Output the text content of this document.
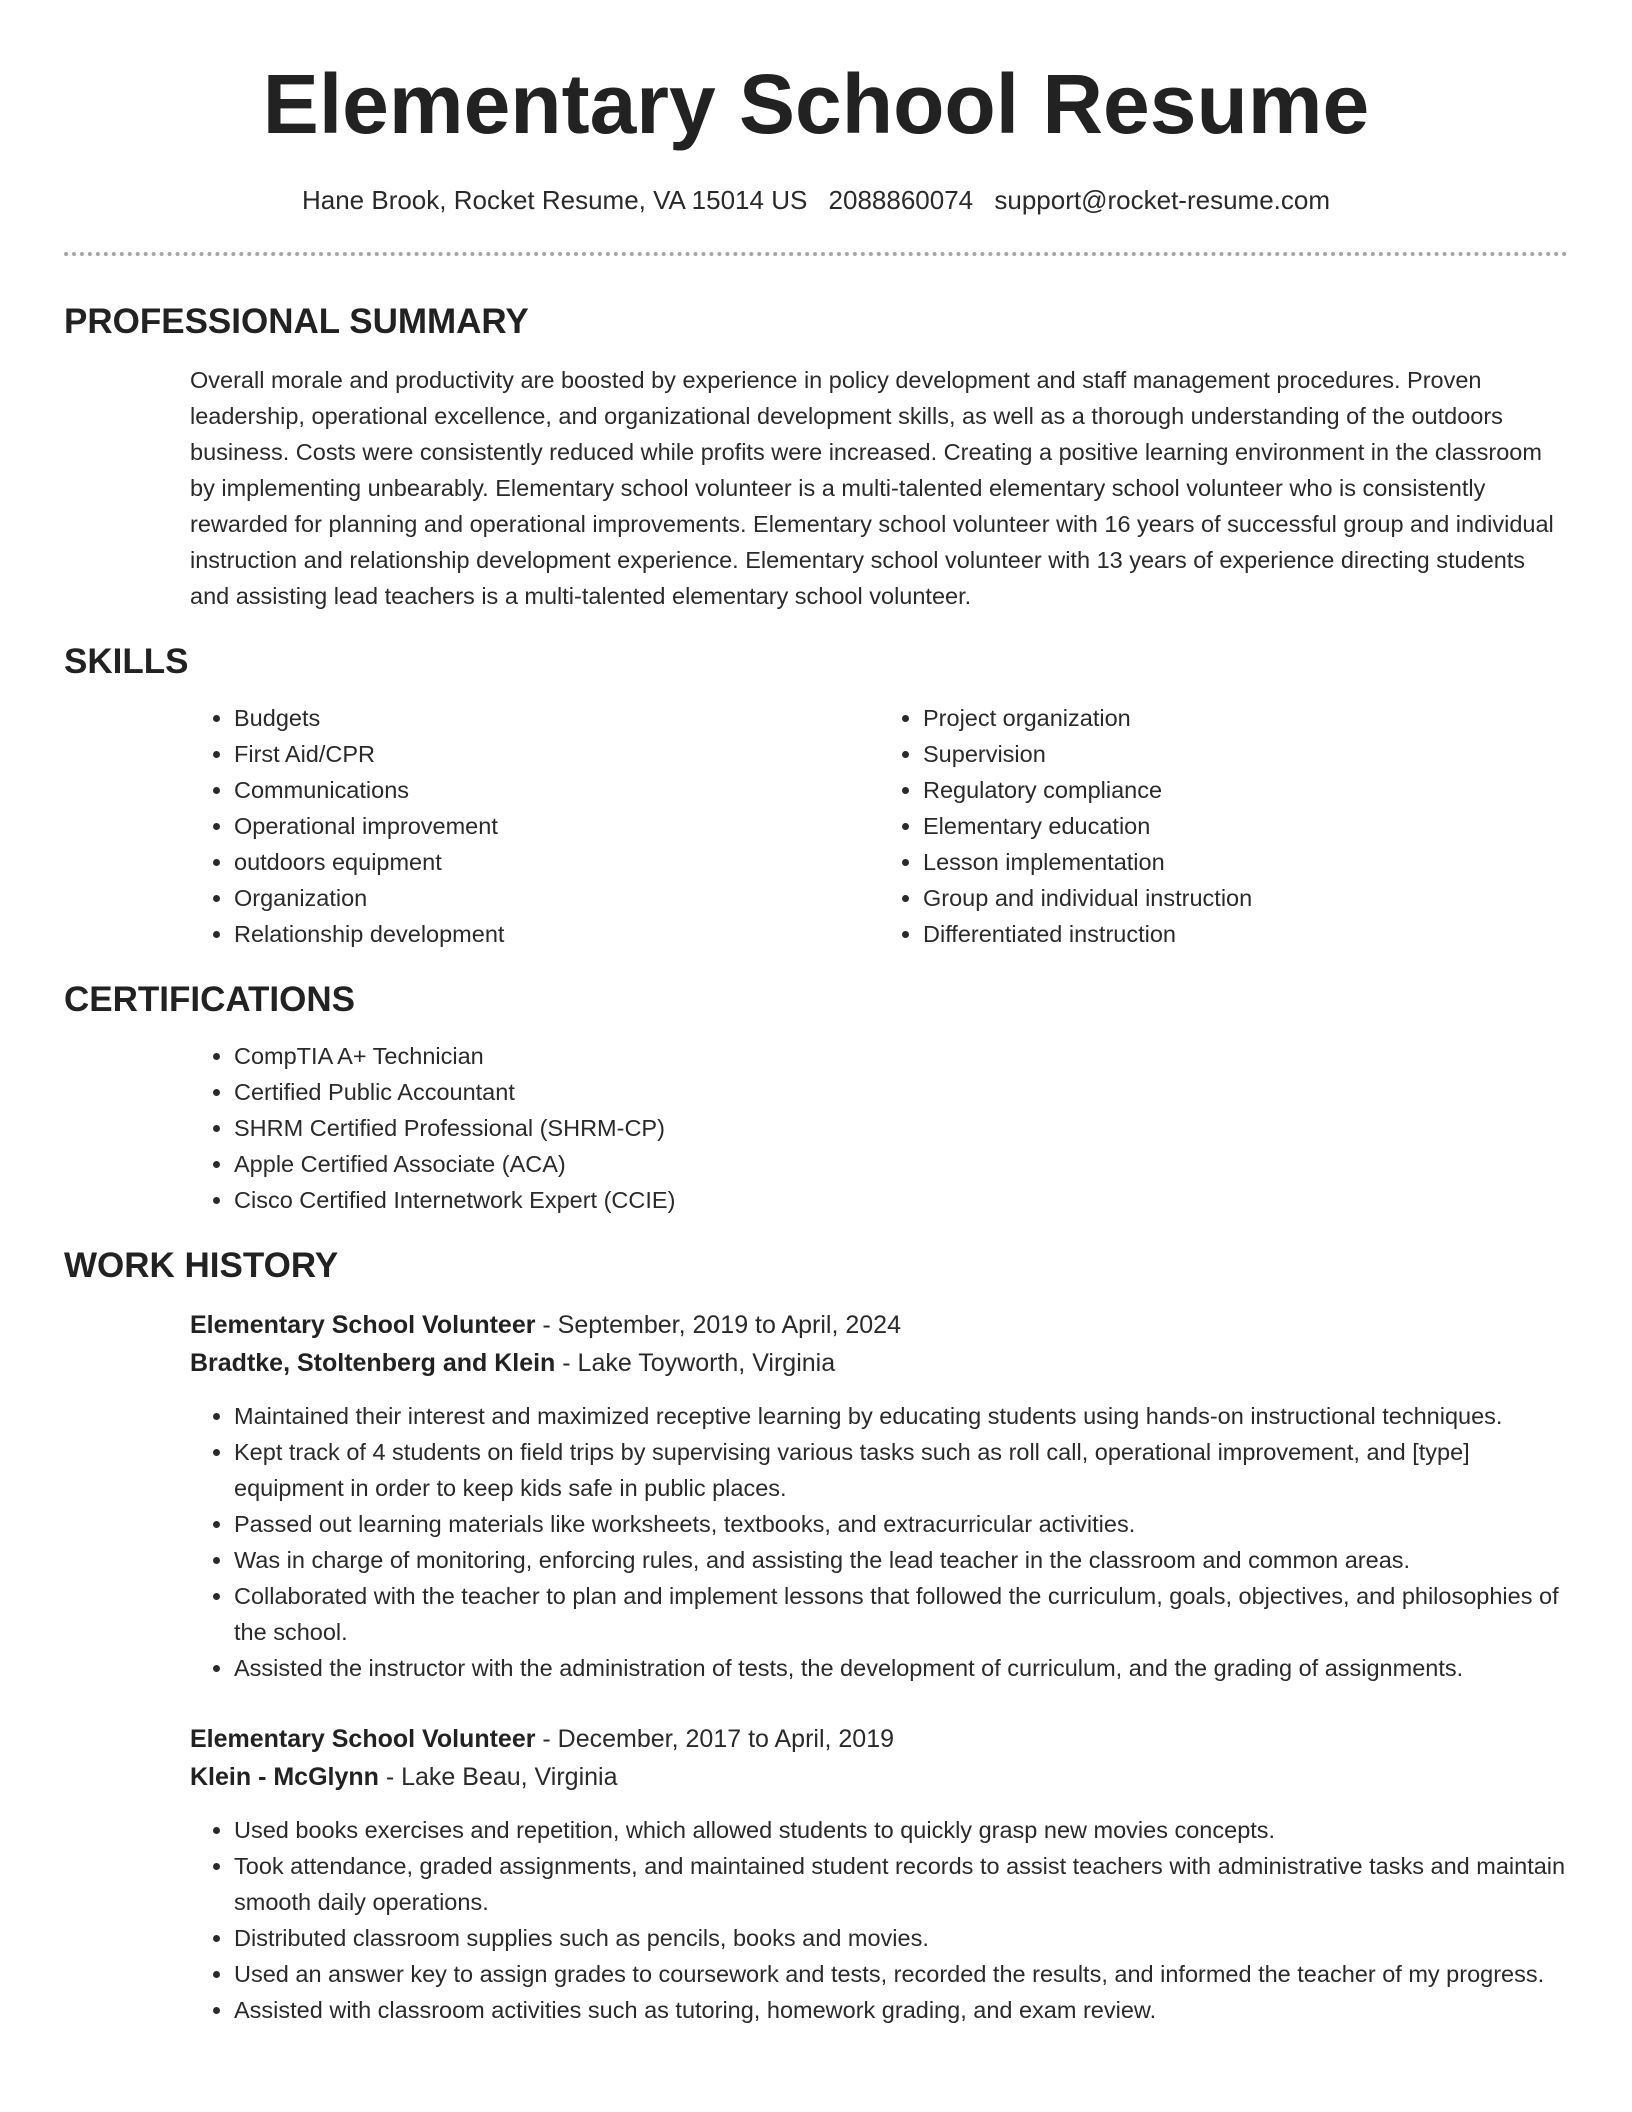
Elementary School Resume
Hane Brook, Rocket Resume, VA 15014 US 2088860074 support@rocket-resume.com
PROFESSIONAL SUMMARY

Overall morale and productivity are boosted by experience in policy development and staff management procedures. Proven leadership, operational excellence, and organizational development skills, as well as a thorough understanding of the outdoors business. Costs were consistently reduced while profits were increased. Creating a positive learning environment in the classroom by implementing unbearably. Elementary school volunteer is a multi-talented elementary school volunteer who is consistently rewarded for planning and operational improvements. Elementary school volunteer with 16 years of successful group and individual instruction and relationship development experience. Elementary school volunteer with 13 years of experience directing students and assisting lead teachers is a multi-talented elementary school volunteer.

SKILLS
• Budgets
• First Aid/CPR
• Communications
• Operational improvement
• outdoors equipment
• Organization
• Relationship development
• Project organization
• Supervision
• Regulatory compliance
• Elementary education
• Lesson implementation
• Group and individual instruction
• Differentiated instruction
CERTIFICATIONS
• CompTIA A+ Technician
• Certified Public Accountant
• SHRM Certified Professional (SHRM-CP)
• Apple Certified Associate (ACA)
• Cisco Certified Internetwork Expert (CCIE)
WORK HISTORY
Elementary School Volunteer - September, 2019 to April, 2024
Bradtke, Stoltenberg and Klein - Lake Toyworth, Virginia
• Maintained their interest and maximized receptive learning by educating students using hands-on instructional techniques.
• Kept track of 4 students on field trips by supervising various tasks such as roll call, operational improvement, and [type] equipment in order to keep kids safe in public places.
• Passed out learning materials like worksheets, textbooks, and extracurricular activities.
• Was in charge of monitoring, enforcing rules, and assisting the lead teacher in the classroom and common areas.
• Collaborated with the teacher to plan and implement lessons that followed the curriculum, goals, objectives, and philosophies of the school.
• Assisted the instructor with the administration of tests, the development of curriculum, and the grading of assignments.
Elementary School Volunteer - December, 2017 to April, 2019
Klein - McGlynn - Lake Beau, Virginia
• Used books exercises and repetition, which allowed students to quickly grasp new movies concepts.
• Took attendance, graded assignments, and maintained student records to assist teachers with administrative tasks and maintain smooth daily operations.
• Distributed classroom supplies such as pencils, books and movies.
• Used an answer key to assign grades to coursework and tests, recorded the results, and informed the teacher of my progress.
• Assisted with classroom activities such as tutoring, homework grading, and exam review.
